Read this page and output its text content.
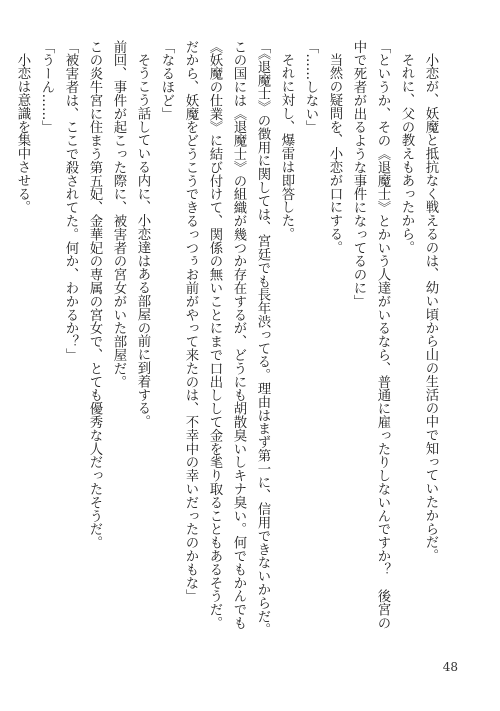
小恋が、妖魔と抵抗なく戦えるのは、幼い頃から山の生活の中で知っていたからだ。

それに、父の教えもあったから。

「というか、その《退魔士》とかいう人達がいるなら、普通に雇ったりしないんですか？　後宮の

中で死者が出るような事件になってるのに」

当然の疑問を、小恋が口にする。

「……しない」

それに対し、爆雷は即答した。

「《退魔士》の徴用に関しては、宮廷でも長年渋ってる。理由はまず第一に、信用できないからだ。

この国には《退魔士》の組織が幾つか存在するが、どうにも胡散臭いしキナ臭い。何でもかんでも

《妖魔の仕業》に結び付けて、関係の無いことにまで口出しして金を毟り取ることもあるそうだ。

だから、妖魔をどうこうできるっつぅお前がやって来たのは、不幸中の幸いだったのかもな」

「なるほど」

そうこう話している内に、小恋達はある部屋の前に到着する。

前回、事件が起こった際に、被害者の宮女がいた部屋だ。

この炎牛宮に住まう第五妃、金華妃の専属の宮女で、とても優秀な人だったそうだ。

「被害者は、ここで殺されてた。何か、わかるか？」

「うーん……」

小恋は意識を集中させる。

48
